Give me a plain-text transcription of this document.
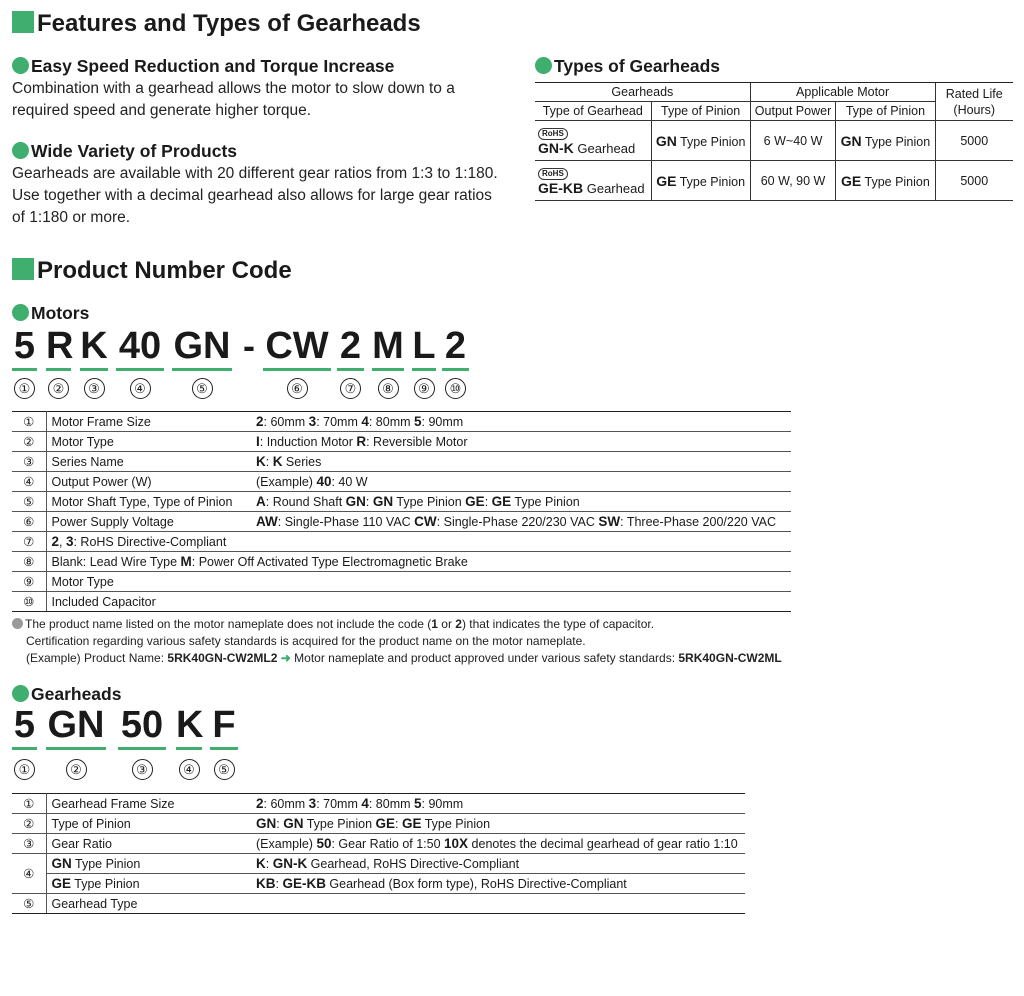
Features and Types of Gearheads
Easy Speed Reduction and Torque Increase
Combination with a gearhead allows the motor to slow down to a required speed and generate higher torque.
Wide Variety of Products
Gearheads are available with 20 different gear ratios from 1:3 to 1:180. Use together with a decimal gearhead also allows for large gear ratios of 1:180 or more.
Types of Gearheads
Gearheads		Applicable Motor		Rated Life (Hours)
Type of Gearhead	Type of Pinion	Output Power	Type of Pinion	
RoHS
GN-K Gearhead	GN Type Pinion	6 W~40 W	GN Type Pinion	5000
RoHS
GE-KB Gearhead	GE Type Pinion	60 W, 90 W	GE Type Pinion	5000
Product Number Code
Motors
5
①
R
②
K
③
40
④
GN
⑤
- CW
⑥
2
⑦
M
⑧
L
⑨
2
⑩
①	Motor Frame Size	2: 60mm 3: 70mm 4: 80mm 5: 90mm
②	Motor Type	I: Induction Motor R: Reversible Motor
③	Series Name	K: K Series
④	Output Power (W)	(Example) 40: 40 W
⑤	Motor Shaft Type, Type of Pinion	A: Round Shaft GN: GN Type Pinion GE: GE Type Pinion
⑥	Power Supply Voltage	AW: Single-Phase 110 VAC CW: Single-Phase 220/230 VAC SW: Three-Phase 200/220 VAC
⑦	2, 3: RoHS Directive-Compliant	
⑧	Blank: Lead Wire Type M: Power Off Activated Type Electromagnetic Brake	
⑨	Motor Type	
⑩	Included Capacitor	
The product name listed on the motor nameplate does not include the code (1 or 2) that indicates the type of capacitor.
Certification regarding various safety standards is acquired for the product name on the motor nameplate.
(Example) Product Name: 5RK40GN-CW2ML2 ➜ Motor nameplate and product approved under various safety standards: 5RK40GN-CW2ML
Gearheads
5
①
GN
②
50
③
K
④
F
⑤
①	Gearhead Frame Size	2: 60mm 3: 70mm 4: 80mm 5: 90mm
②	Type of Pinion	GN: GN Type Pinion GE: GE Type Pinion
③	Gear Ratio	(Example) 50: Gear Ratio of 1:50 10X denotes the decimal gearhead of gear ratio 1:10
④	GN Type Pinion	K: GN-K Gearhead, RoHS Directive-Compliant
	GE Type Pinion	KB: GE-KB Gearhead (Box form type), RoHS Directive-Compliant
⑤	Gearhead Type	
